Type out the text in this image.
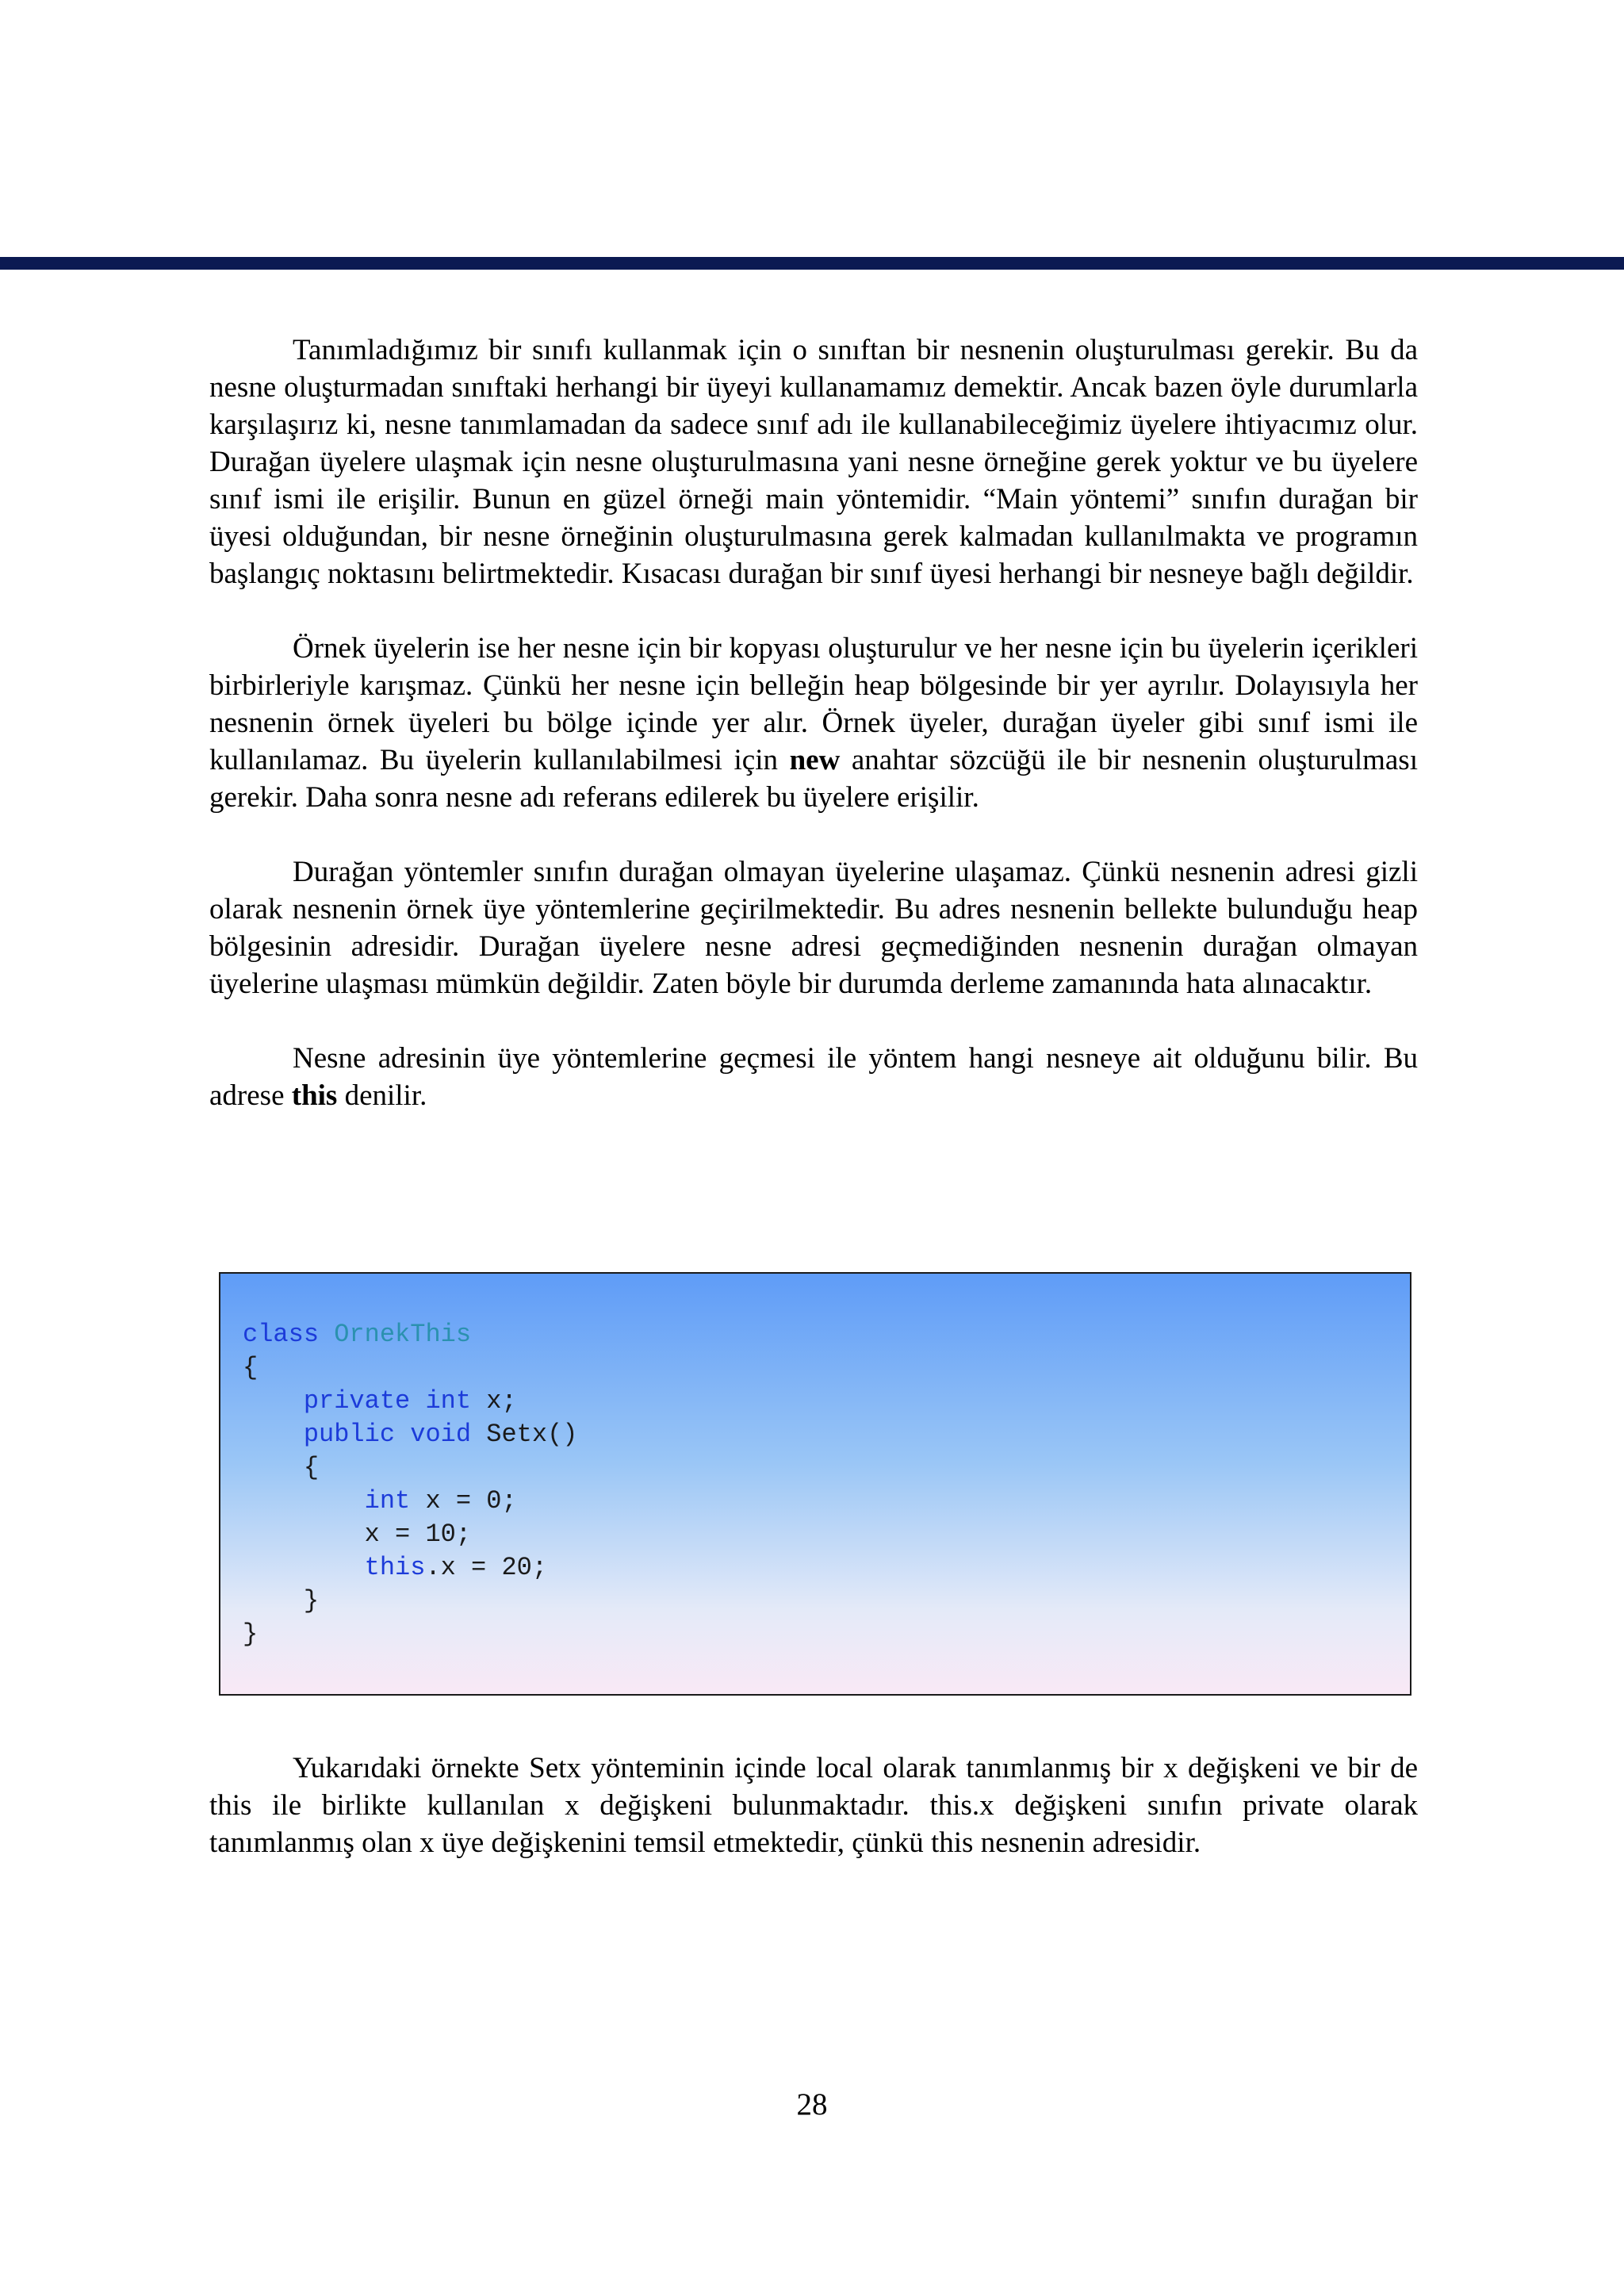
Tanımladığımız bir sınıfı kullanmak için o sınıftan bir nesnenin oluşturulması gerekir. Bu da nesne oluşturmadan sınıftaki herhangi bir üyeyi kullanamamız demektir. Ancak bazen öyle durumlarla karşılaşırız ki, nesne tanımlamadan da sadece sınıf adı ile kullanabileceğimiz üyelere ihtiyacımız olur. Durağan üyelere ulaşmak için nesne oluşturulmasına yani nesne örneğine gerek yoktur ve bu üyelere sınıf ismi ile erişilir. Bunun en güzel örneği main yöntemidir. “Main yöntemi” sınıfın durağan bir üyesi olduğundan, bir nesne örneğinin oluşturulmasına gerek kalmadan kullanılmakta ve programın başlangıç noktasını belirtmektedir. Kısacası durağan bir sınıf üyesi herhangi bir nesneye bağlı değildir.

Örnek üyelerin ise her nesne için bir kopyası oluşturulur ve her nesne için bu üyelerin içerikleri birbirleriyle karışmaz. Çünkü her nesne için belleğin heap bölgesinde bir yer ayrılır. Dolayısıyla her nesnenin örnek üyeleri bu bölge içinde yer alır. Örnek üyeler, durağan üyeler gibi sınıf ismi ile kullanılamaz. Bu üyelerin kullanılabilmesi için new anahtar sözcüğü ile bir nesnenin oluşturulması gerekir. Daha sonra nesne adı referans edilerek bu üyelere erişilir.

Durağan yöntemler sınıfın durağan olmayan üyelerine ulaşamaz. Çünkü nesnenin adresi gizli olarak nesnenin örnek üye yöntemlerine geçirilmektedir. Bu adres nesnenin bellekte bulunduğu heap bölgesinin adresidir. Durağan üyelere nesne adresi geçmediğinden nesnenin durağan olmayan üyelerine ulaşması mümkün değildir. Zaten böyle bir durumda derleme zamanında hata alınacaktır.

Nesne adresinin üye yöntemlerine geçmesi ile yöntem hangi nesneye ait olduğunu bilir. Bu adrese this denilir.

class OrnekThis
{
private int x;
public void Setx()
{
int x = 0;
x = 10;
this.x = 20;
}
}

Yukarıdaki örnekte Setx yönteminin içinde local olarak tanımlanmış bir x değişkeni ve bir de this ile birlikte kullanılan x değişkeni bulunmaktadır. this.x değişkeni sınıfın private olarak tanımlanmış olan x üye değişkenini temsil etmektedir, çünkü this nesnenin adresidir.

28
